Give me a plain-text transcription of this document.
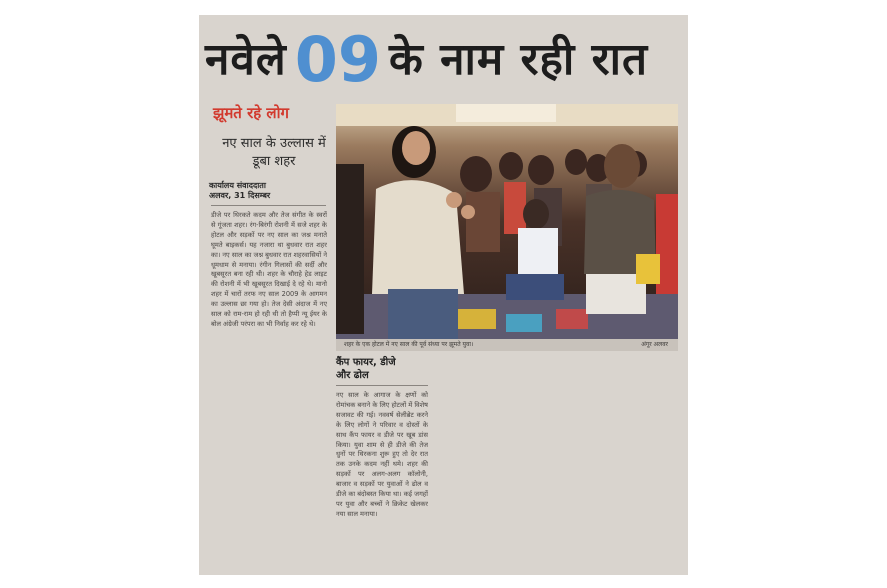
नवेले 09 के नाम रही रात
झूमते रहे लोग
नए साल के उल्लास में डूबा शहर
कार्यालय संवाददाता
अलवर, 31 दिसम्बर
डीजे पर थिरकते कदम और तेज संगीत के स्वरों से गूंजता शहर। रंग-बिरंगी रोशनी में सजे शहर के होटल और सड़कों पर नए साल का जश्न मनाते घूमते बाइकर्स। यह नजारा था बुधवार रात शहर का। नए साल का जश्न बुधवार रात शहरवासियों ने धूमधाम से मनाया। रंगीन गिलासों की सर्दी और खूबसूरत बना रही थी। शहर के चौराहे हेड लाइट की रोशनी में भी खूबसूरत दिखाई दे रहे थे। मानो शहर में चारों तरफ नए साल 2009 के आगमन का उल्लास छा गया हो। तेज देसी अंदाज में नए साल को राम-राम हो रही थी तो हैप्पी न्यू ईयर के बोल अंग्रेजी परंपरा का भी निर्वाह कर रहे थे।
शहर के एक होटल में नए साल की पूर्व संध्या पर झूमते युवा।	अंगूर अलवर
कैंप फायर, डीजे
और ढोल
नए साल के आगाज के क्षणों को रोमांचक बनाने के लिए होटलों में विशेष सजावट की गई। नववर्ष सेलीब्रेट करने के लिए लोगों ने परिवार व दोस्तों के साथ कैंप फायर व डीजे पर खूब डांस किया। युवा शाम से ही डीजे की तेज धुनों पर थिरकना शुरू हुए तो देर रात तक उनके कदम नहीं थमे। शहर की सड़कों पर अलग-अलग कॉलोनी, बाजार व सड़कों पर युवाओं ने ढोल व डीजे का बंदोबस्त किया था। कई जगहों पर युवा और बच्चों ने क्रिकेट खेलकर नया साल मनाया।
